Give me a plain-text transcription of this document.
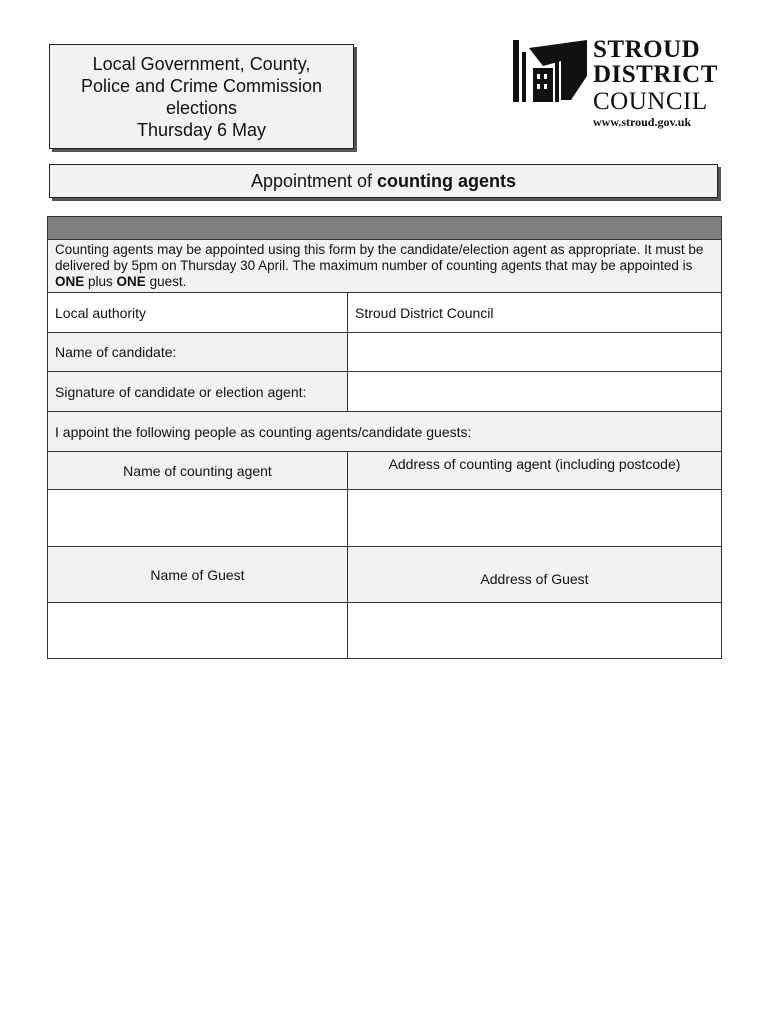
Local Government, County,
Police and Crime Commission
elections
Thursday 6 May
STROUD
DISTRICT
COUNCIL
www.stroud.gov.uk
Appointment of counting agents
Counting agents may be appointed using this form by the candidate/election agent as appropriate. It must be delivered by 5pm on Thursday 30 April. The maximum number of counting agents that may be appointed is ONE plus ONE guest.
Local authority	Stroud District Council
Name of candidate:
Signature of candidate or election agent:
I appoint the following people as counting agents/candidate guests:
Name of counting agent	Address of counting agent (including postcode)
Name of Guest	Address of Guest
